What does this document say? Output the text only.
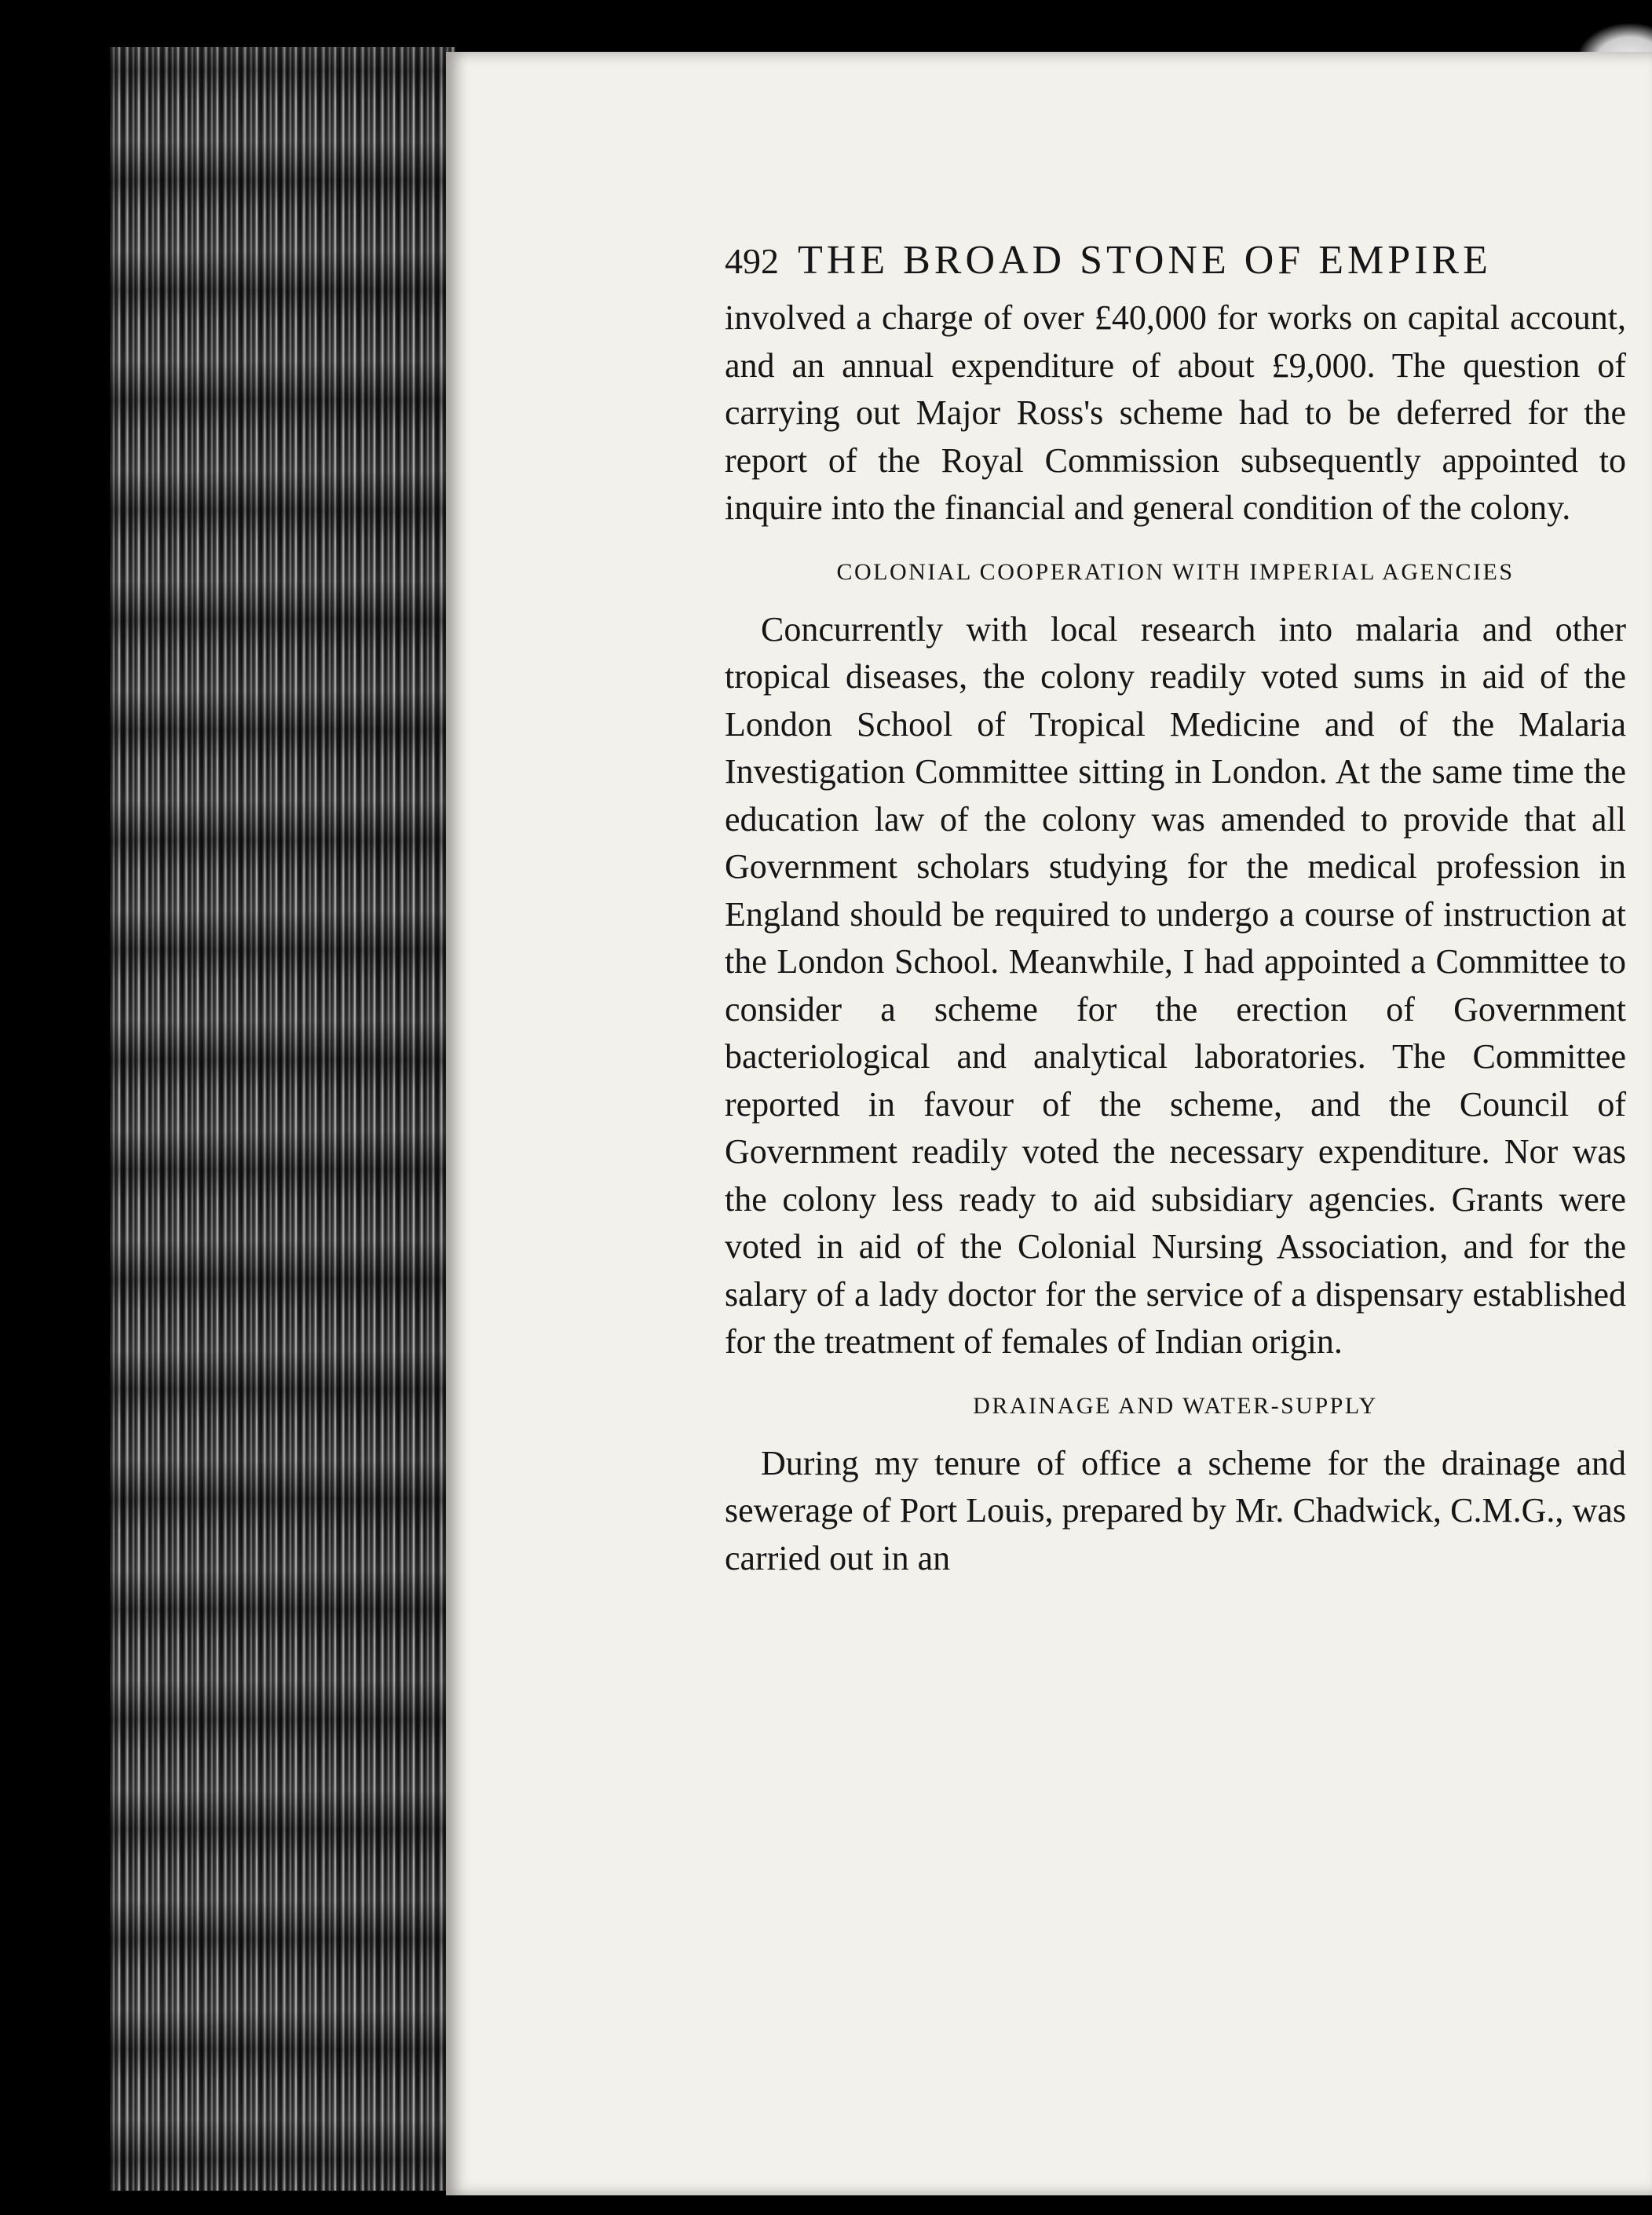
492 THE BROAD STONE OF EMPIRE

involved a charge of over £40,000 for works on capital account, and an annual expenditure of about £9,000. The question of carrying out Major Ross's scheme had to be deferred for the report of the Royal Commission subsequently appointed to inquire into the financial and general condition of the colony.

COLONIAL COOPERATION WITH IMPERIAL AGENCIES

Concurrently with local research into malaria and other tropical diseases, the colony readily voted sums in aid of the London School of Tropical Medicine and of the Malaria Investigation Committee sitting in London. At the same time the education law of the colony was amended to provide that all Government scholars studying for the medical profession in England should be required to undergo a course of instruction at the London School. Meanwhile, I had appointed a Committee to consider a scheme for the erection of Government bacteriological and analytical laboratories. The Committee reported in favour of the scheme, and the Council of Government readily voted the necessary expenditure. Nor was the colony less ready to aid subsidiary agencies. Grants were voted in aid of the Colonial Nursing Association, and for the salary of a lady doctor for the service of a dispensary established for the treatment of females of Indian origin.

DRAINAGE AND WATER-SUPPLY

During my tenure of office a scheme for the drainage and sewerage of Port Louis, prepared by Mr. Chadwick, C.M.G., was carried out in an
